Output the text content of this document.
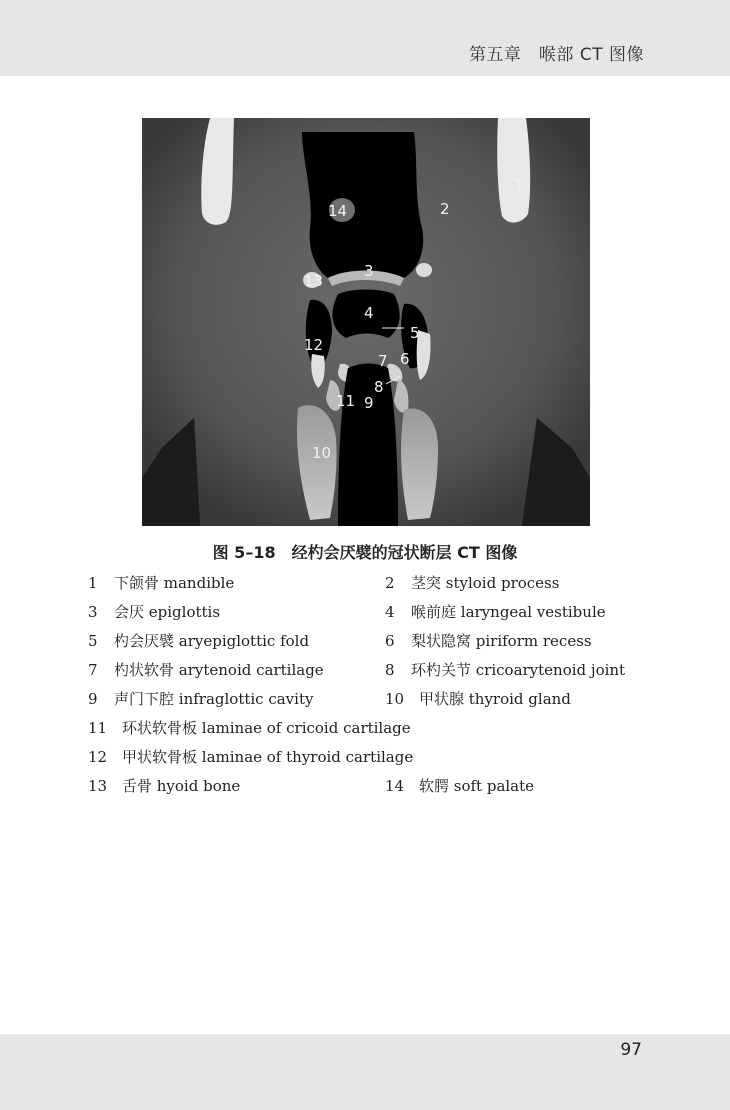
第五章　喉部 CT 图像
1
2
3
4
5
6
7
8
9
10
11
12
13
14
图 5–18　经杓会厌襞的冠状断层 CT 图像
1 下颌骨 mandible	2 茎突 styloid process
3 会厌 epiglottis	4 喉前庭 laryngeal vestibule
5 杓会厌襞 aryepiglottic fold	6 梨状隐窝 piriform recess
7 杓状软骨 arytenoid cartilage	8 环杓关节 cricoarytenoid joint
9 声门下腔 infraglottic cavity	10 甲状腺 thyroid gland
11 环状软骨板 laminae of cricoid cartilage
12 甲状软骨板 laminae of thyroid cartilage
13 舌骨 hyoid bone	14 软腭 soft palate
97
